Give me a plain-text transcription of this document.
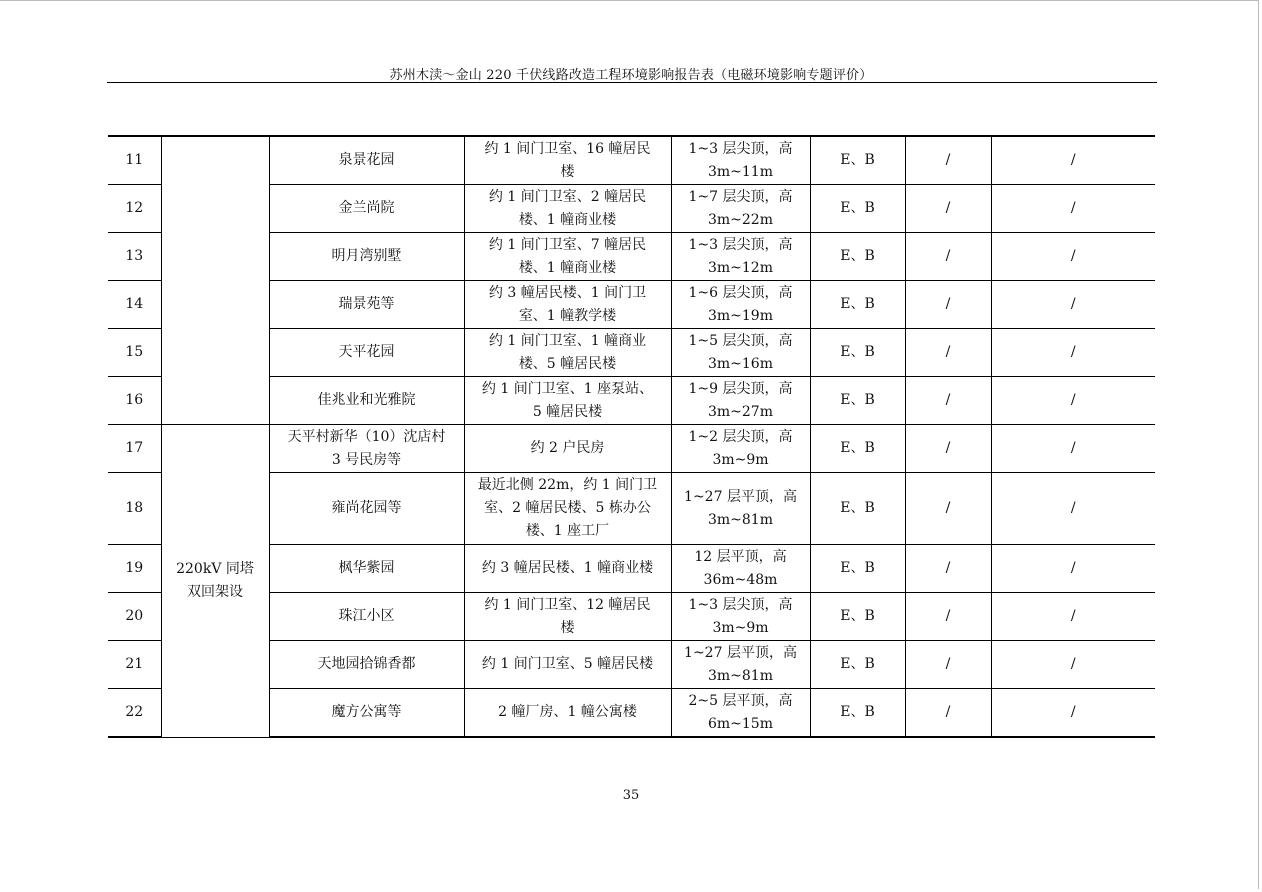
苏州木渎～金山 220 千伏线路改造工程环境影响报告表（电磁环境影响专题评价）
11		泉景花园	约 1 间门卫室、16 幢居民
楼	1~3 层尖顶，高
3m~11m	E、B	/	/
12		金兰尚院	约 1 间门卫室、2 幢居民
楼、1 幢商业楼	1~7 层尖顶，高
3m~22m	E、B	/	/
13		明月湾别墅	约 1 间门卫室、7 幢居民
楼、1 幢商业楼	1~3 层尖顶，高
3m~12m	E、B	/	/
14		瑞景苑等	约 3 幢居民楼、1 间门卫
室、1 幢教学楼	1~6 层尖顶，高
3m~19m	E、B	/	/
15		天平花园	约 1 间门卫室、1 幢商业
楼、5 幢居民楼	1~5 层尖顶，高
3m~16m	E、B	/	/
16		佳兆业和光雅院	约 1 间门卫室、1 座泵站、
5 幢居民楼	1~9 层尖顶，高
3m~27m	E、B	/	/
17	220kV 同塔
双回架设	天平村新华（10）沈店村
3 号民房等	约 2 户民房	1~2 层尖顶，高
3m~9m	E、B	/	/
18		雍尚花园等	最近北侧 22m，约 1 间门卫
室、2 幢居民楼、5 栋办公
楼、1 座工厂	1~27 层平顶，高
3m~81m	E、B	/	/
19		枫华紫园	约 3 幢居民楼、1 幢商业楼	12 层平顶，高
36m~48m	E、B	/	/
20		珠江小区	约 1 间门卫室、12 幢居民
楼	1~3 层尖顶，高
3m~9m	E、B	/	/
21		天地园拾锦香都	约 1 间门卫室、5 幢居民楼	1~27 层平顶，高
3m~81m	E、B	/	/
22		魔方公寓等	2 幢厂房、1 幢公寓楼	2~5 层平顶，高
6m~15m	E、B	/	/
35
